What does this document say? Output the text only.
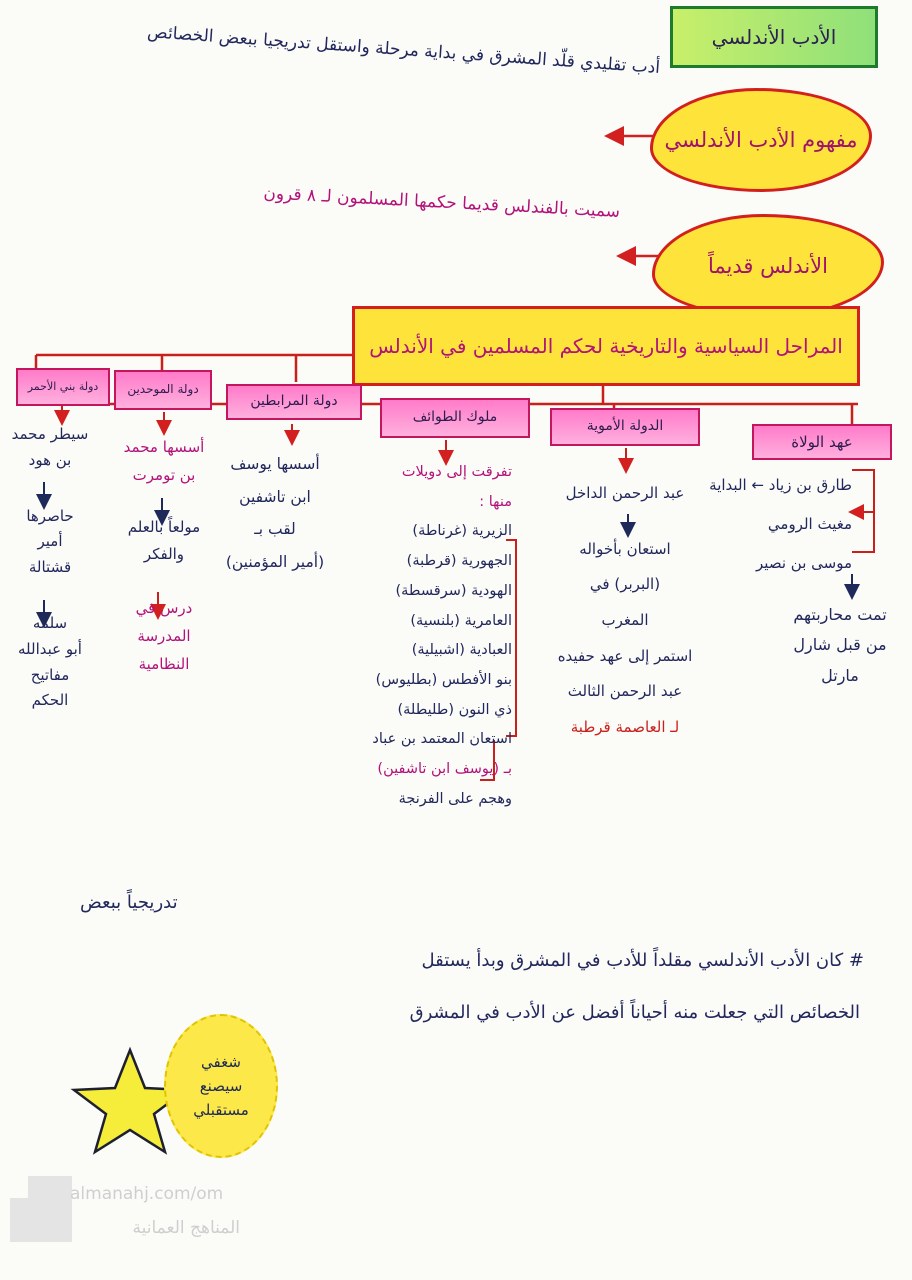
الأدب الأندلسي
أدب تقليدي قلّد المشرق في بداية مرحلة واستقل تدريجيا ببعض الخصائص
مفهوم الأدب الأندلسي
سميت بالفندلس قديما حكمها المسلمون لـ ٨ قرون
الأندلس قديماً
المراحل السياسية والتاريخية لحكم المسلمين في الأندلس
عهد الولاة
الدولة الأموية
ملوك الطوائف
دولة المرابطين
دولة الموحدين
دولة بني الأحمر
طارق بن زياد ← البداية
مغيث الرومي
موسى بن نصير
تمت محاربتهم
من قبل شارل
مارتل
عبد الرحمن الداخل
استعان بأخواله
(البربر) في
المغرب
استمر إلى عهد حفيده
عبد الرحمن الثالث
لـ العاصمة قرطبة
تفرقت إلى دويلات
منها :
الزيرية (غرناطة)
الجهورية (قرطبة)
الهودية (سرقسطة)
العامرية (بلنسية)
العبادية (اشبيلية)
بنو الأفطس (بطليوس)
ذي النون (طليطلة)
استعان المعتمد بن عباد
بـ (يوسف ابن تاشفين)
وهجم على الفرنجة
أسسها يوسف
ابن تاشفين
لقب بـ
(أمير المؤمنين)
أسسها محمد
بن تومرت
مولعاً بالعلم
والفكر
درس في
المدرسة
النظامية
سيطر محمد
بن هود
حاصرها
أمير
قشتالة
سلمه
أبو عبدالله
مفاتيح
الحكم
تدريجياً ببعض
# كان الأدب الأندلسي مقلداً للأدب في المشرق وبدأ يستقل
الخصائص التي جعلت منه أحياناً أفضل عن الأدب في المشرق
شغفي
سيصنع
مستقبلي
almanahj.com/om
المناهج العمانية
